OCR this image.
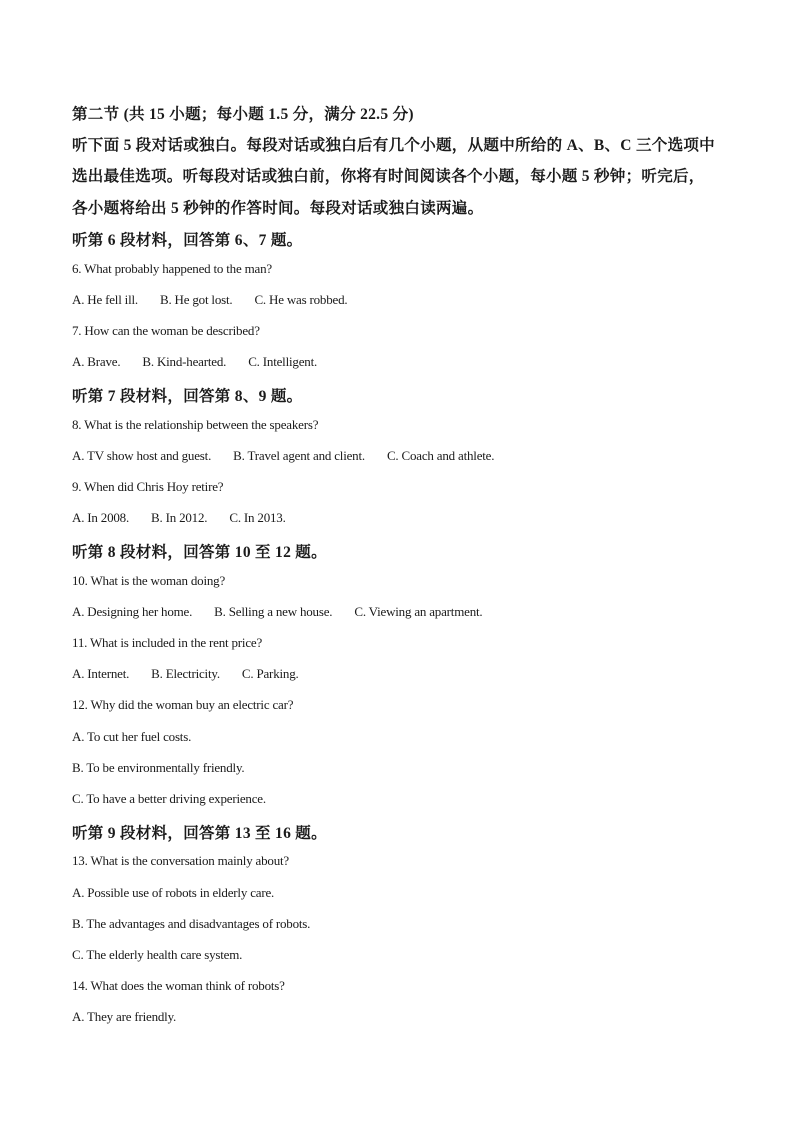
第二节 (共 15 小题；每小题 1.5 分，满分 22.5 分)
听下面 5 段对话或独白。每段对话或独白后有几个小题，从题中所给的 A、B、C 三个选项中
选出最佳选项。听每段对话或独白前，你将有时间阅读各个小题，每小题 5 秒钟；听完后，
各小题将给出 5 秒钟的作答时间。每段对话或独白读两遍。
听第 6 段材料，回答第 6、7 题。
6. What probably happened to the man?
A. He fell ill. B. He got lost. C. He was robbed.
7. How can the woman be described?
A. Brave. B. Kind-hearted. C. Intelligent.
听第 7 段材料，回答第 8、9 题。
8. What is the relationship between the speakers?
A. TV show host and guest. B. Travel agent and client. C. Coach and athlete.
9. When did Chris Hoy retire?
A. In 2008. B. In 2012. C. In 2013.
听第 8 段材料，回答第 10 至 12 题。
10. What is the woman doing?
A. Designing her home. B. Selling a new house. C. Viewing an apartment.
11. What is included in the rent price?
A. Internet. B. Electricity. C. Parking.
12. Why did the woman buy an electric car?
A. To cut her fuel costs.
B. To be environmentally friendly.
C. To have a better driving experience.
听第 9 段材料，回答第 13 至 16 题。
13. What is the conversation mainly about?
A. Possible use of robots in elderly care.
B. The advantages and disadvantages of robots.
C. The elderly health care system.
14. What does the woman think of robots?
A. They are friendly.
